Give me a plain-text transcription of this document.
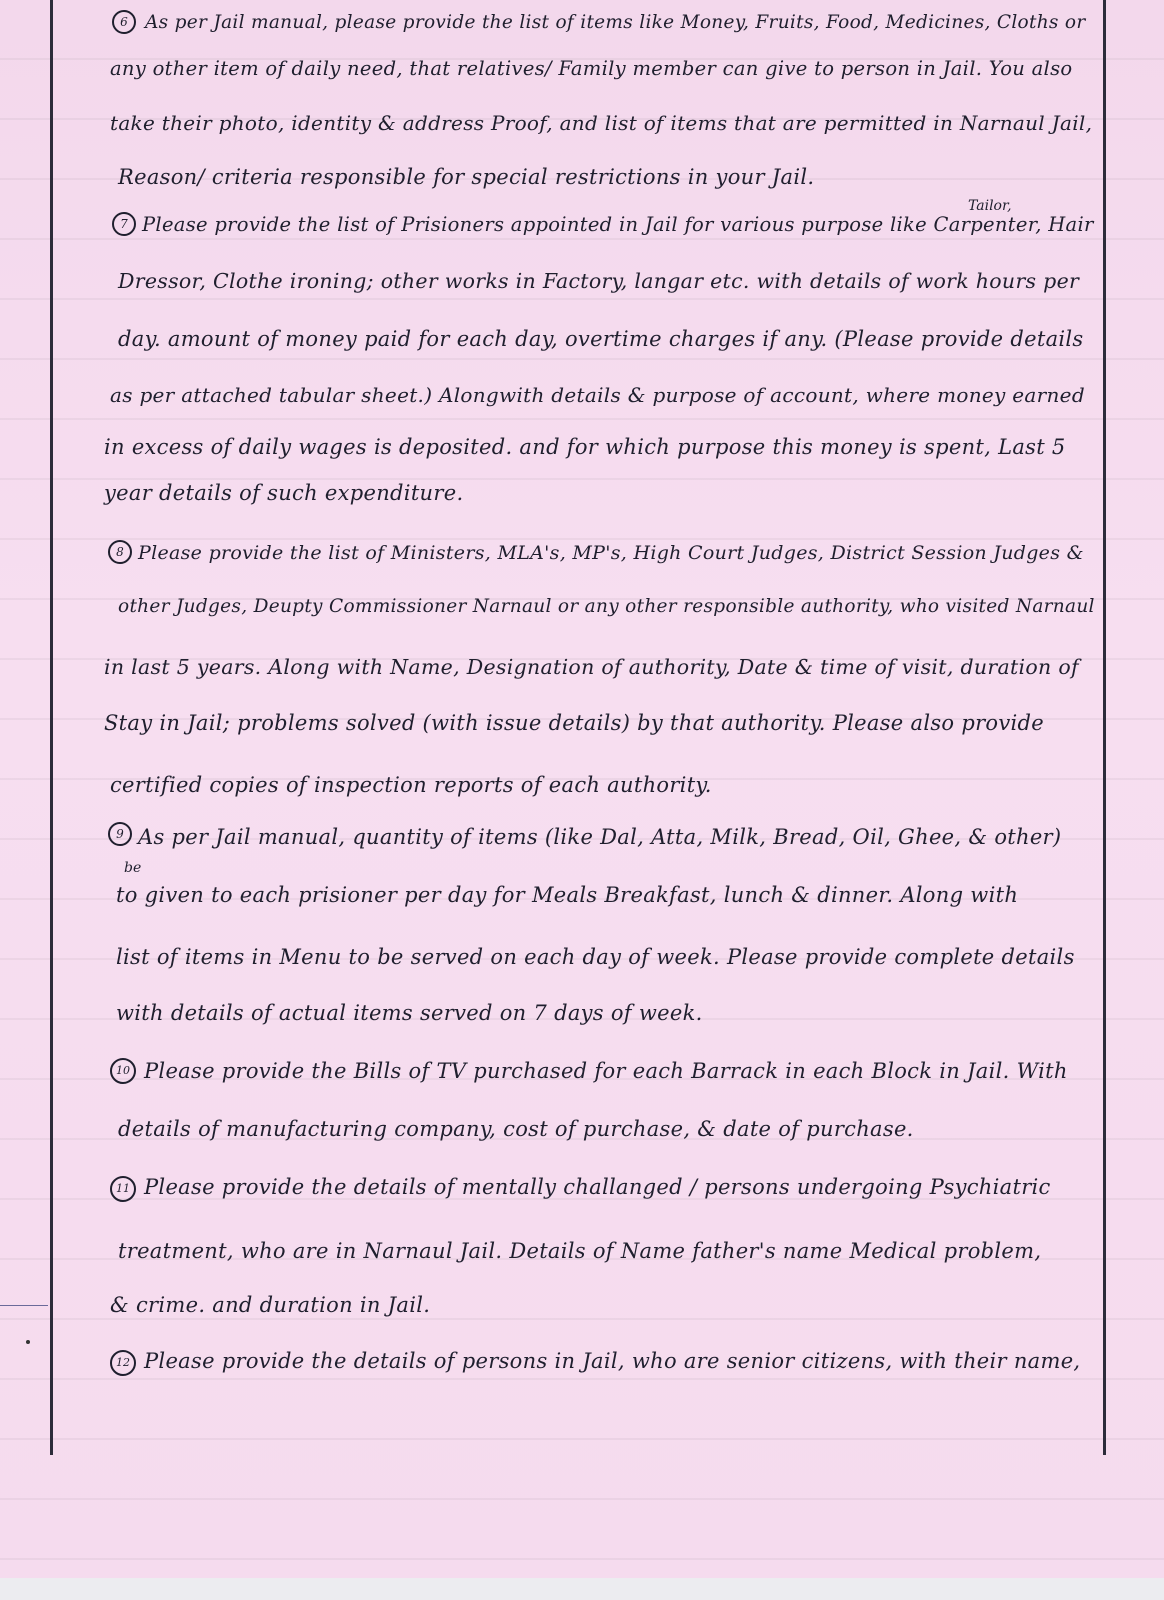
6 As per Jail manual, please provide the list of items like Money, Fruits, Food, Medicines, Cloths or
any other item of daily need, that relatives/ Family member can give to person in Jail. You also
take their photo, identity & address Proof, and list of items that are permitted in Narnaul Jail,
Reason/ criteria responsible for special restrictions in your Jail.
Tailor,
7 Please provide the list of Prisioners appointed in Jail for various purpose like Carpenter, Hair
Dressor, Clothe ironing; other works in Factory, langar etc. with details of work hours per
day. amount of money paid for each day, overtime charges if any. (Please provide details
as per attached tabular sheet.) Alongwith details & purpose of account, where money earned
in excess of daily wages is deposited. and for which purpose this money is spent, Last 5
year details of such expenditure.
8 Please provide the list of Ministers, MLA's, MP's, High Court Judges, District Session Judges &
other Judges, Deupty Commissioner Narnaul or any other responsible authority, who visited Narnaul
in last 5 years. Along with Name, Designation of authority, Date & time of visit, duration of
Stay in Jail; problems solved (with issue details) by that authority. Please also provide
certified copies of inspection reports of each authority.
9 As per Jail manual, quantity of items (like Dal, Atta, Milk, Bread, Oil, Ghee, & other)
be
to given to each prisioner per day for Meals Breakfast, lunch & dinner. Along with
list of items in Menu to be served on each day of week. Please provide complete details
with details of actual items served on 7 days of week.
10 Please provide the Bills of TV purchased for each Barrack in each Block in Jail. With
details of manufacturing company, cost of purchase, & date of purchase.
11 Please provide the details of mentally challanged / persons undergoing Psychiatric
treatment, who are in Narnaul Jail. Details of Name father's name Medical problem,
& crime. and duration in Jail.
12 Please provide the details of persons in Jail, who are senior citizens, with their name,
